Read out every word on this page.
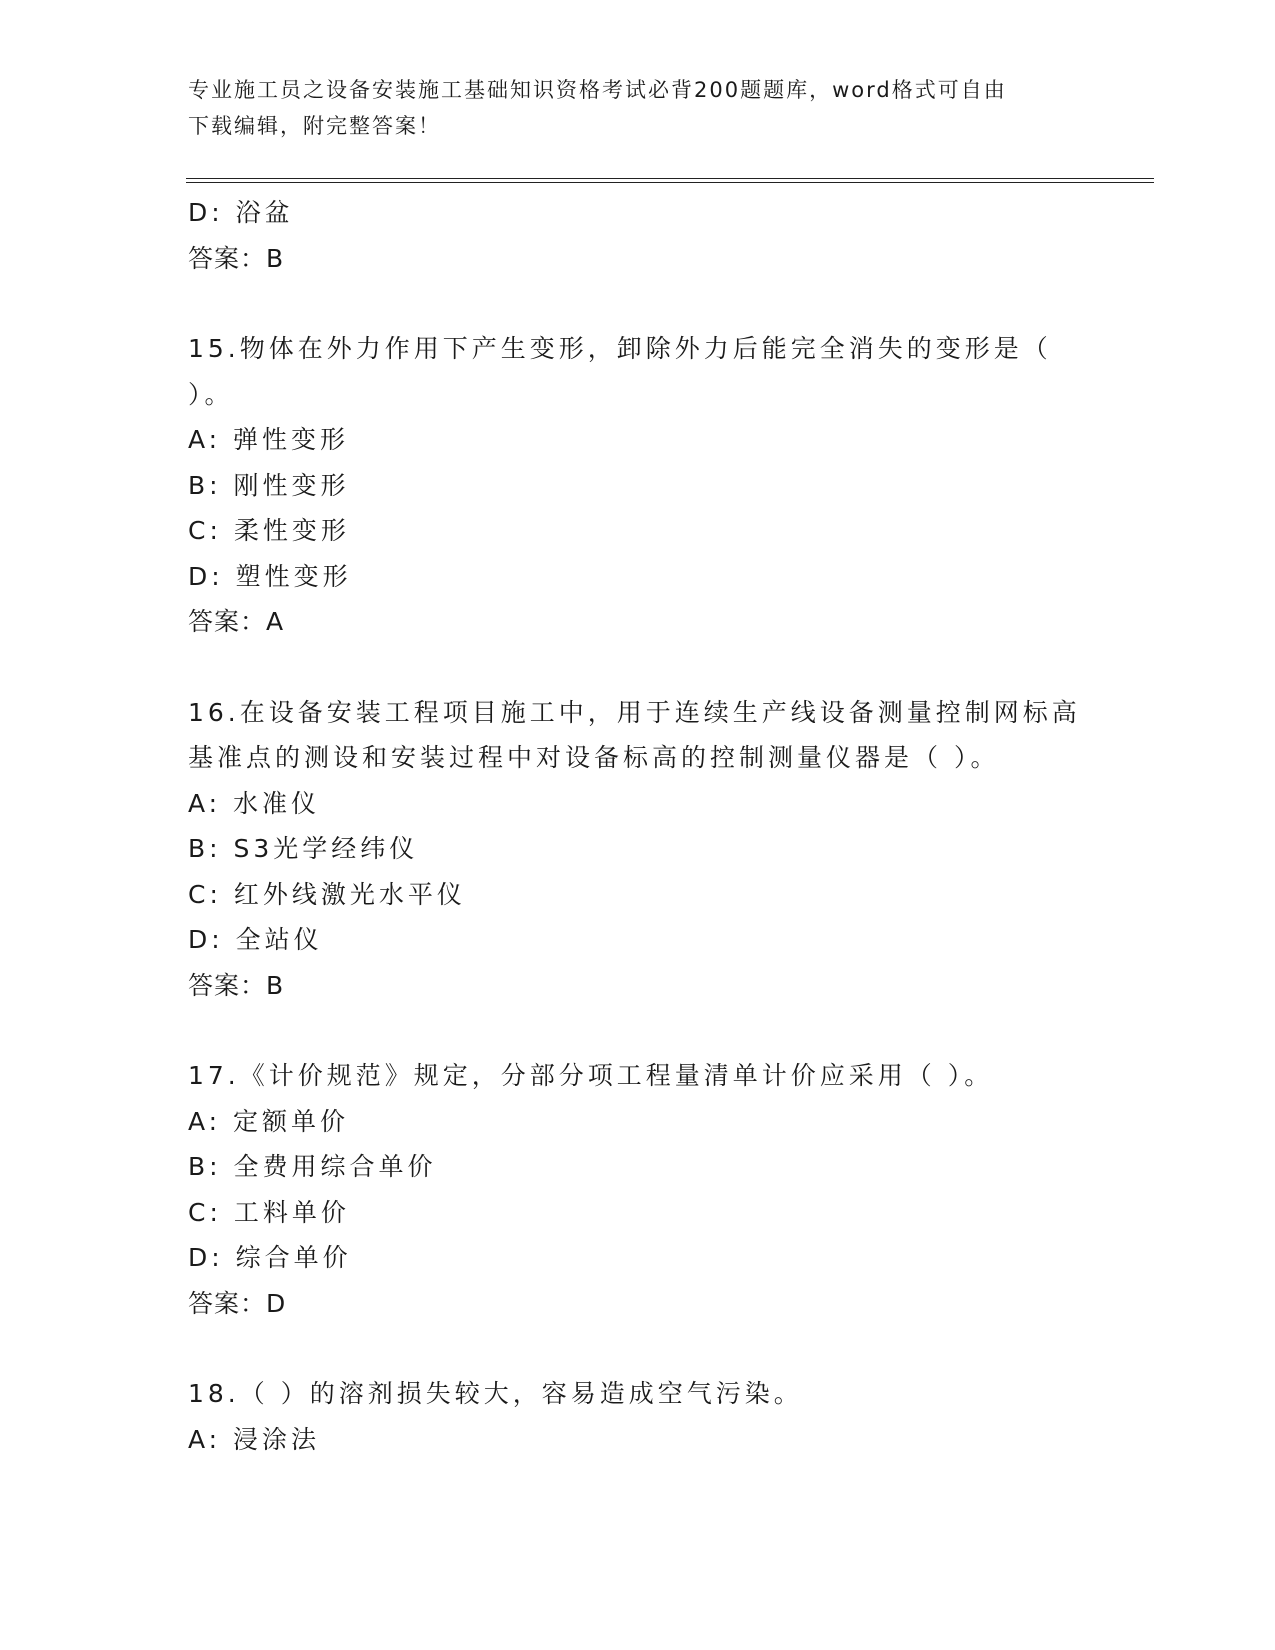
专业施工员之设备安装施工基础知识资格考试必背200题题库，word格式可自由
下载编辑，附完整答案！
D: 浴盆
答案：B
15.物体在外力作用下产生变形，卸除外力后能完全消失的变形是（
）。
A: 弹性变形
B: 刚性变形
C: 柔性变形
D: 塑性变形
答案：A
16.在设备安装工程项目施工中，用于连续生产线设备测量控制网标高
基准点的测设和安装过程中对设备标高的控制测量仪器是（ ）。
A: 水准仪
B: S3光学经纬仪
C: 红外线激光水平仪
D: 全站仪
答案：B
17.《计价规范》规定，分部分项工程量清单计价应采用（ ）。
A: 定额单价
B: 全费用综合单价
C: 工料单价
D: 综合单价
答案：D
18.（ ）的溶剂损失较大，容易造成空气污染。
A: 浸涂法
